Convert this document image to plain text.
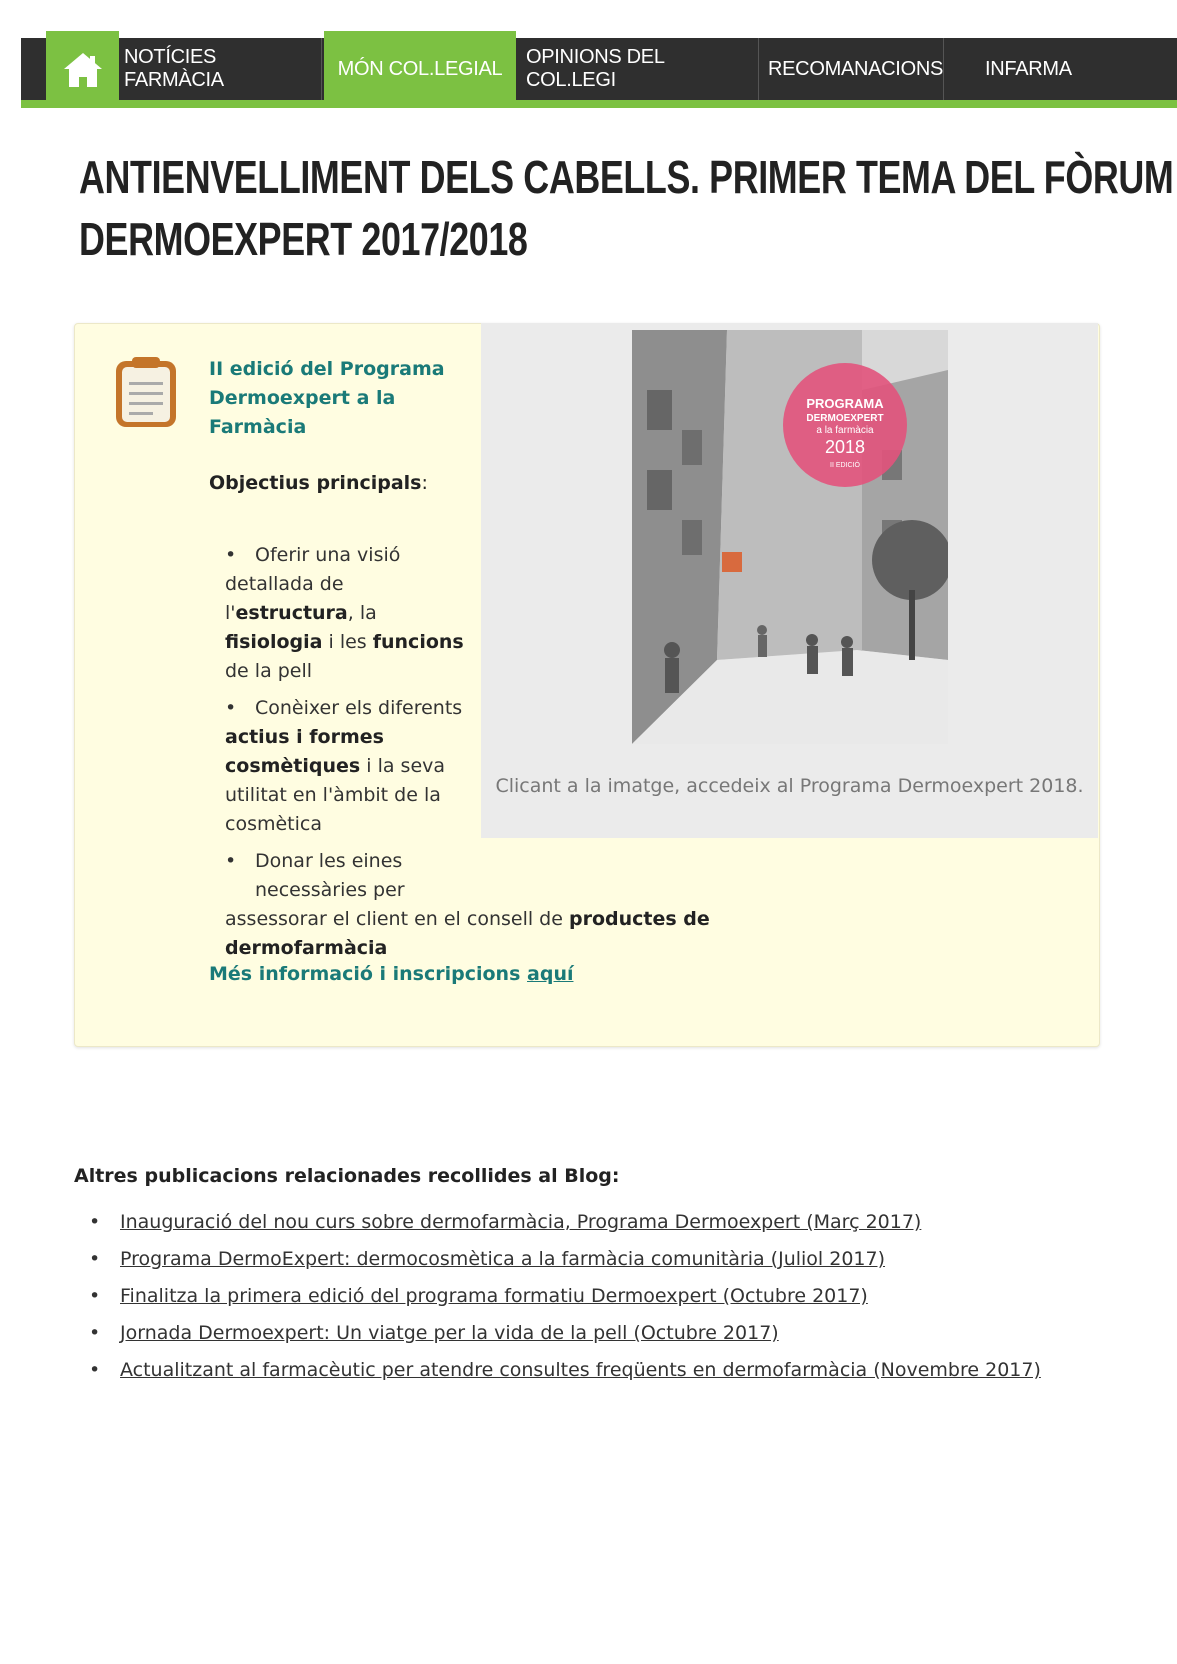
NOTÍCIES FARMÀCIA	MÓN COL.LEGIAL
OPINIONS DEL COL.LEGI
RECOMANACIONS INFARMA
ANTIENVELLIMENT DELS CABELLS. PRIMER TEMA DEL FÒRUM
DERMOEXPERT 2017/2018
II edició del Programa Dermoexpert a la Farmàcia
Objectius principals:
• Oferir una visió detallada de l'estructura, la fisiologia i les funcions de la pell
• Conèixer els diferents actius i formes cosmètiques i la seva utilitat en l'àmbit de la cosmètica
• Donar les eines necessàries per
assessorar el client en el consell de productes de dermofarmàcia
Més informació i inscripcions aquí
PROGRAMA
DERMOEXPERT
a la farmàcia
2018
II EDICIÓ
Clicant a la imatge, accedeix al Programa Dermoexpert 2018.
Altres publicacions relacionades recollides al Blog:
•	Inauguració del nou curs sobre dermofarmàcia, Programa Dermoexpert (Març 2017)
•	Programa DermoExpert: dermocosmètica a la farmàcia comunitària (Juliol 2017)
•	Finalitza la primera edició del programa formatiu Dermoexpert (Octubre 2017)
•	Jornada Dermoexpert: Un viatge per la vida de la pell (Octubre 2017)
•	Actualitzant al farmacèutic per atendre consultes freqüents en dermofarmàcia (Novembre 2017)
